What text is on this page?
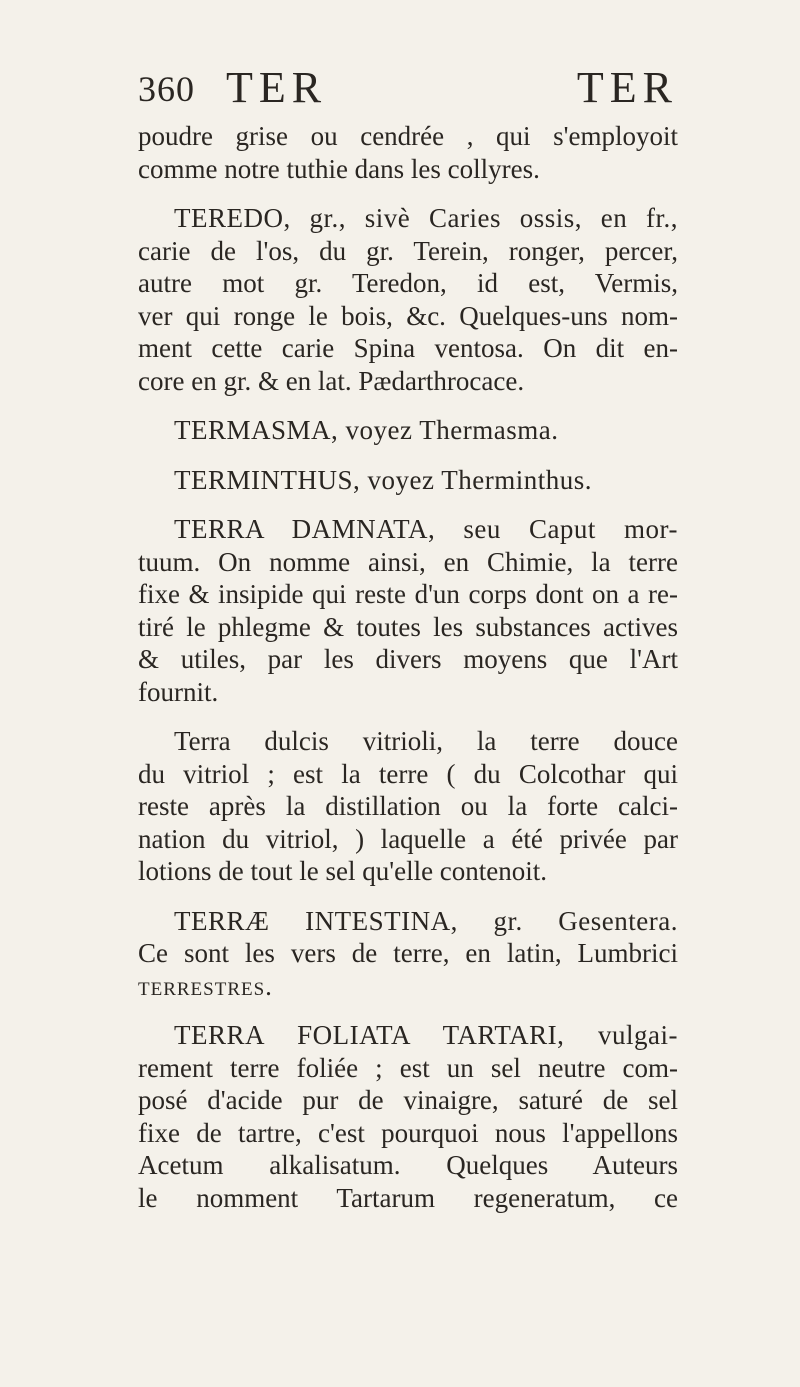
360 TER	TER
poudre grise ou cendrée , qui s'employoit
comme notre tuthie dans les collyres.
TEREDO, gr., sivè Caries ossis, en fr.,
carie de l'os, du gr. Terein, ronger, percer,
autre mot gr. Teredon, id est, Vermis,
ver qui ronge le bois, &c. Quelques-uns nom-
ment cette carie Spina ventosa. On dit en-
core en gr. & en lat. Pædarthrocace.
TERMASMA, voyez Thermasma.
TERMINTHUS, voyez Therminthus.
TERRA DAMNATA, seu Caput mor-
tuum. On nomme ainsi, en Chimie, la terre
fixe & insipide qui reste d'un corps dont on a re-
tiré le phlegme & toutes les substances actives
& utiles, par les divers moyens que l'Art
fournit.
Terra dulcis vitrioli, la terre douce
du vitriol ; est la terre ( du Colcothar qui
reste après la distillation ou la forte calci-
nation du vitriol, ) laquelle a été privée par
lotions de tout le sel qu'elle contenoit.
TERRÆ INTESTINA, gr. Gesentera.
Ce sont les vers de terre, en latin, Lumbrici
terrestres.
TERRA FOLIATA TARTARI, vulgai-
rement terre foliée ; est un sel neutre com-
posé d'acide pur de vinaigre, saturé de sel
fixe de tartre, c'est pourquoi nous l'appellons
Acetum alkalisatum. Quelques Auteurs
le nomment Tartarum regeneratum, ce
